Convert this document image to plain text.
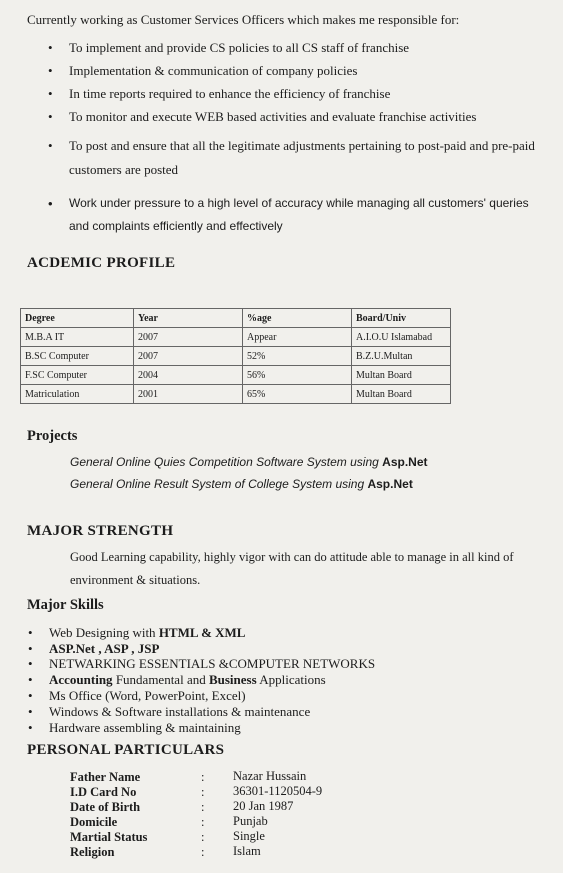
Currently working as Customer Services Officers which makes me responsible for:
• To implement and provide CS policies to all CS staff of franchise
• Implementation & communication of company policies
• In time reports required to enhance the efficiency of franchise
• To monitor and execute WEB based activities and evaluate franchise activities
• To post and ensure that all the legitimate adjustments pertaining to post-paid and pre-paid
customers are posted
• Work under pressure to a high level of accuracy while managing all customers' queries
and complaints efficiently and effectively
ACDEMIC PROFILE
Degree	Year	%age	Board/Univ
M.B.A IT	2007	Appear	A.I.O.U Islamabad
B.SC Computer	2007	52%	B.Z.U.Multan
F.SC Computer	2004	56%	Multan Board
Matriculation	2001	65%	Multan Board
Projects
General Online Quies Competition Software System using Asp.Net
General Online Result System of College System using Asp.Net
MAJOR STRENGTH
Good Learning capability, highly vigor with can do attitude able to manage in all kind of
environment & situations.
Major Skills
• Web Designing with HTML & XML
• ASP.Net , ASP , JSP
• NETWARKING ESSENTIALS &COMPUTER NETWORKS
• Accounting Fundamental and Business Applications
• Ms Office (Word, PowerPoint, Excel)
• Windows & Software installations & maintenance
• Hardware assembling & maintaining
PERSONAL PARTICULARS
Father Name	: Nazar Hussain
I.D Card No	: 36301-1120504-9
Date of Birth	: 20 Jan 1987
Domicile	: Punjab
Martial Status	: Single
Religion	: Islam
